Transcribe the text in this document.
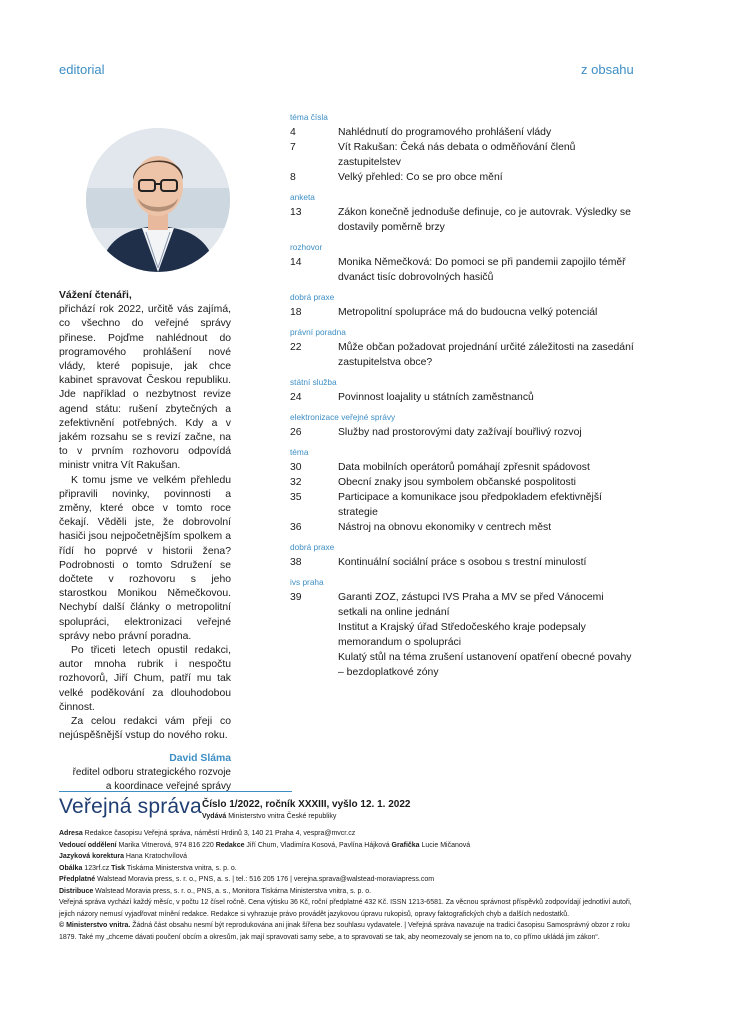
editorial	z obsahu

Vážení čtenáři,

přichází rok 2022, určitě vás zajímá, co všechno do veřejné správy přinese. Pojďme nahlédnout do programového prohlášení nové vlády, které popisuje, jak chce kabinet spravovat Českou republiku. Jde například o nezbytnost revize agend státu: rušení zbytečných a zefektivnění potřebných. Kdy a v jakém rozsahu se s revizí začne, na to v prvním rozhovoru odpovídá ministr vnitra Vít Rakušan.

K tomu jsme ve velkém přehledu připravili novinky, povinnosti a změny, které obce v tomto roce čekají. Věděli jste, že dobrovolní hasiči jsou nejpočetnějším spolkem a řídí ho poprvé v historii žena? Podrobnosti o tomto Sdružení se dočtete v rozhovoru s jeho starostkou Monikou Němečkovou. Nechybí další články o metropolitní spolupráci, elektronizaci veřejné správy nebo právní poradna.

Po třiceti letech opustil redakci, autor mnoha rubrik i nespočtu rozhovorů, Jiří Chum, patří mu tak velké poděkování za dlouhodobou činnost.

Za celou redakci vám přeji co nejúspěšnější vstup do nového roku.

David Sláma
ředitel odboru strategického rozvoje
a koordinace veřejné správy
téma čísla
4	Nahlédnutí do programového prohlášení vlády
7	Vít Rakušan: Čeká nás debata o odměňování členů zastupitelstev
8	Velký přehled: Co se pro obce mění
anketa
13	Zákon konečně jednoduše definuje, co je autovrak. Výsledky se dostavily poměrně brzy
rozhovor
14	Monika Němečková: Do pomoci se při pandemii zapojilo téměř dvanáct tisíc dobrovolných hasičů
dobrá praxe
18	Metropolitní spolupráce má do budoucna velký potenciál
právní poradna
22	Může občan požadovat projednání určité záležitosti na zasedání zastupitelstva obce?
státní služba
24	Povinnost loajality u státních zaměstnanců
elektronizace veřejné správy
26	Služby nad prostorovými daty zažívají bouřlivý rozvoj
téma
30	Data mobilních operátorů pomáhají zpřesnit spádovost
32	Obecní znaky jsou symbolem občanské pospolitosti
35	Participace a komunikace jsou předpokladem efektivnější strategie
36	Nástroj na obnovu ekonomiky v centrech měst
dobrá praxe
38	Kontinuální sociální práce s osobou s trestní minulostí
ivs praha
39	Garanti ZOZ, zástupci IVS Praha a MV se před Vánocemi setkali na online jednání
Institut a Krajský úřad Středočeského kraje podepsaly memorandum o spolupráci
Kulatý stůl na téma zrušení ustanovení opatření obecné povahy – bezdoplatkové zóny
Veřejná správa Číslo 1/2022, ročník XXXIII, vyšlo 12. 1. 2022
Vydává Ministerstvo vnitra České republiky

Adresa Redakce časopisu Veřejná správa, náměstí Hrdinů 3, 140 21 Praha 4, vespra@mvcr.cz

Vedoucí oddělení Marika Vitnerová, 974 816 220 Redakce Jiří Chum, Vladimíra Kosová, Pavlína Hájková Grafička Lucie Mičanová

Jazyková korektura Hana Kratochvílová

Obálka 123rf.cz Tisk Tiskárna Ministerstva vnitra, s. p. o.

Předplatné Walstead Moravia press, s. r. o., PNS, a. s. | tel.: 516 205 176 | verejna.sprava@walstead-moraviapress.com

Distribuce Walstead Moravia press, s. r. o., PNS, a. s., Monitora Tiskárna Ministerstva vnitra, s. p. o.

Veřejná správa vychází každý měsíc, v počtu 12 čísel ročně. Cena výtisku 36 Kč, roční předplatné 432 Kč. ISSN 1213-6581. Za věcnou správnost příspěvků zodpovídají jednotliví autoři, jejich názory nemusí vyjadřovat mínění redakce. Redakce si vyhrazuje právo provádět jazykovou úpravu rukopisů, opravy faktografických chyb a dalších nedostatků.

© Ministerstvo vnitra. Žádná část obsahu nesmí být reprodukována ani jinak šířena bez souhlasu vydavatele. | Veřejná správa navazuje na tradici časopisu Samosprávný obzor z roku 1879. Také my „chceme dávati poučení obcím a okresům, jak mají spravovati samy sebe, a to spravovati se tak, aby neomezovaly se jenom na to, co přímo ukládá jim zákon“.
